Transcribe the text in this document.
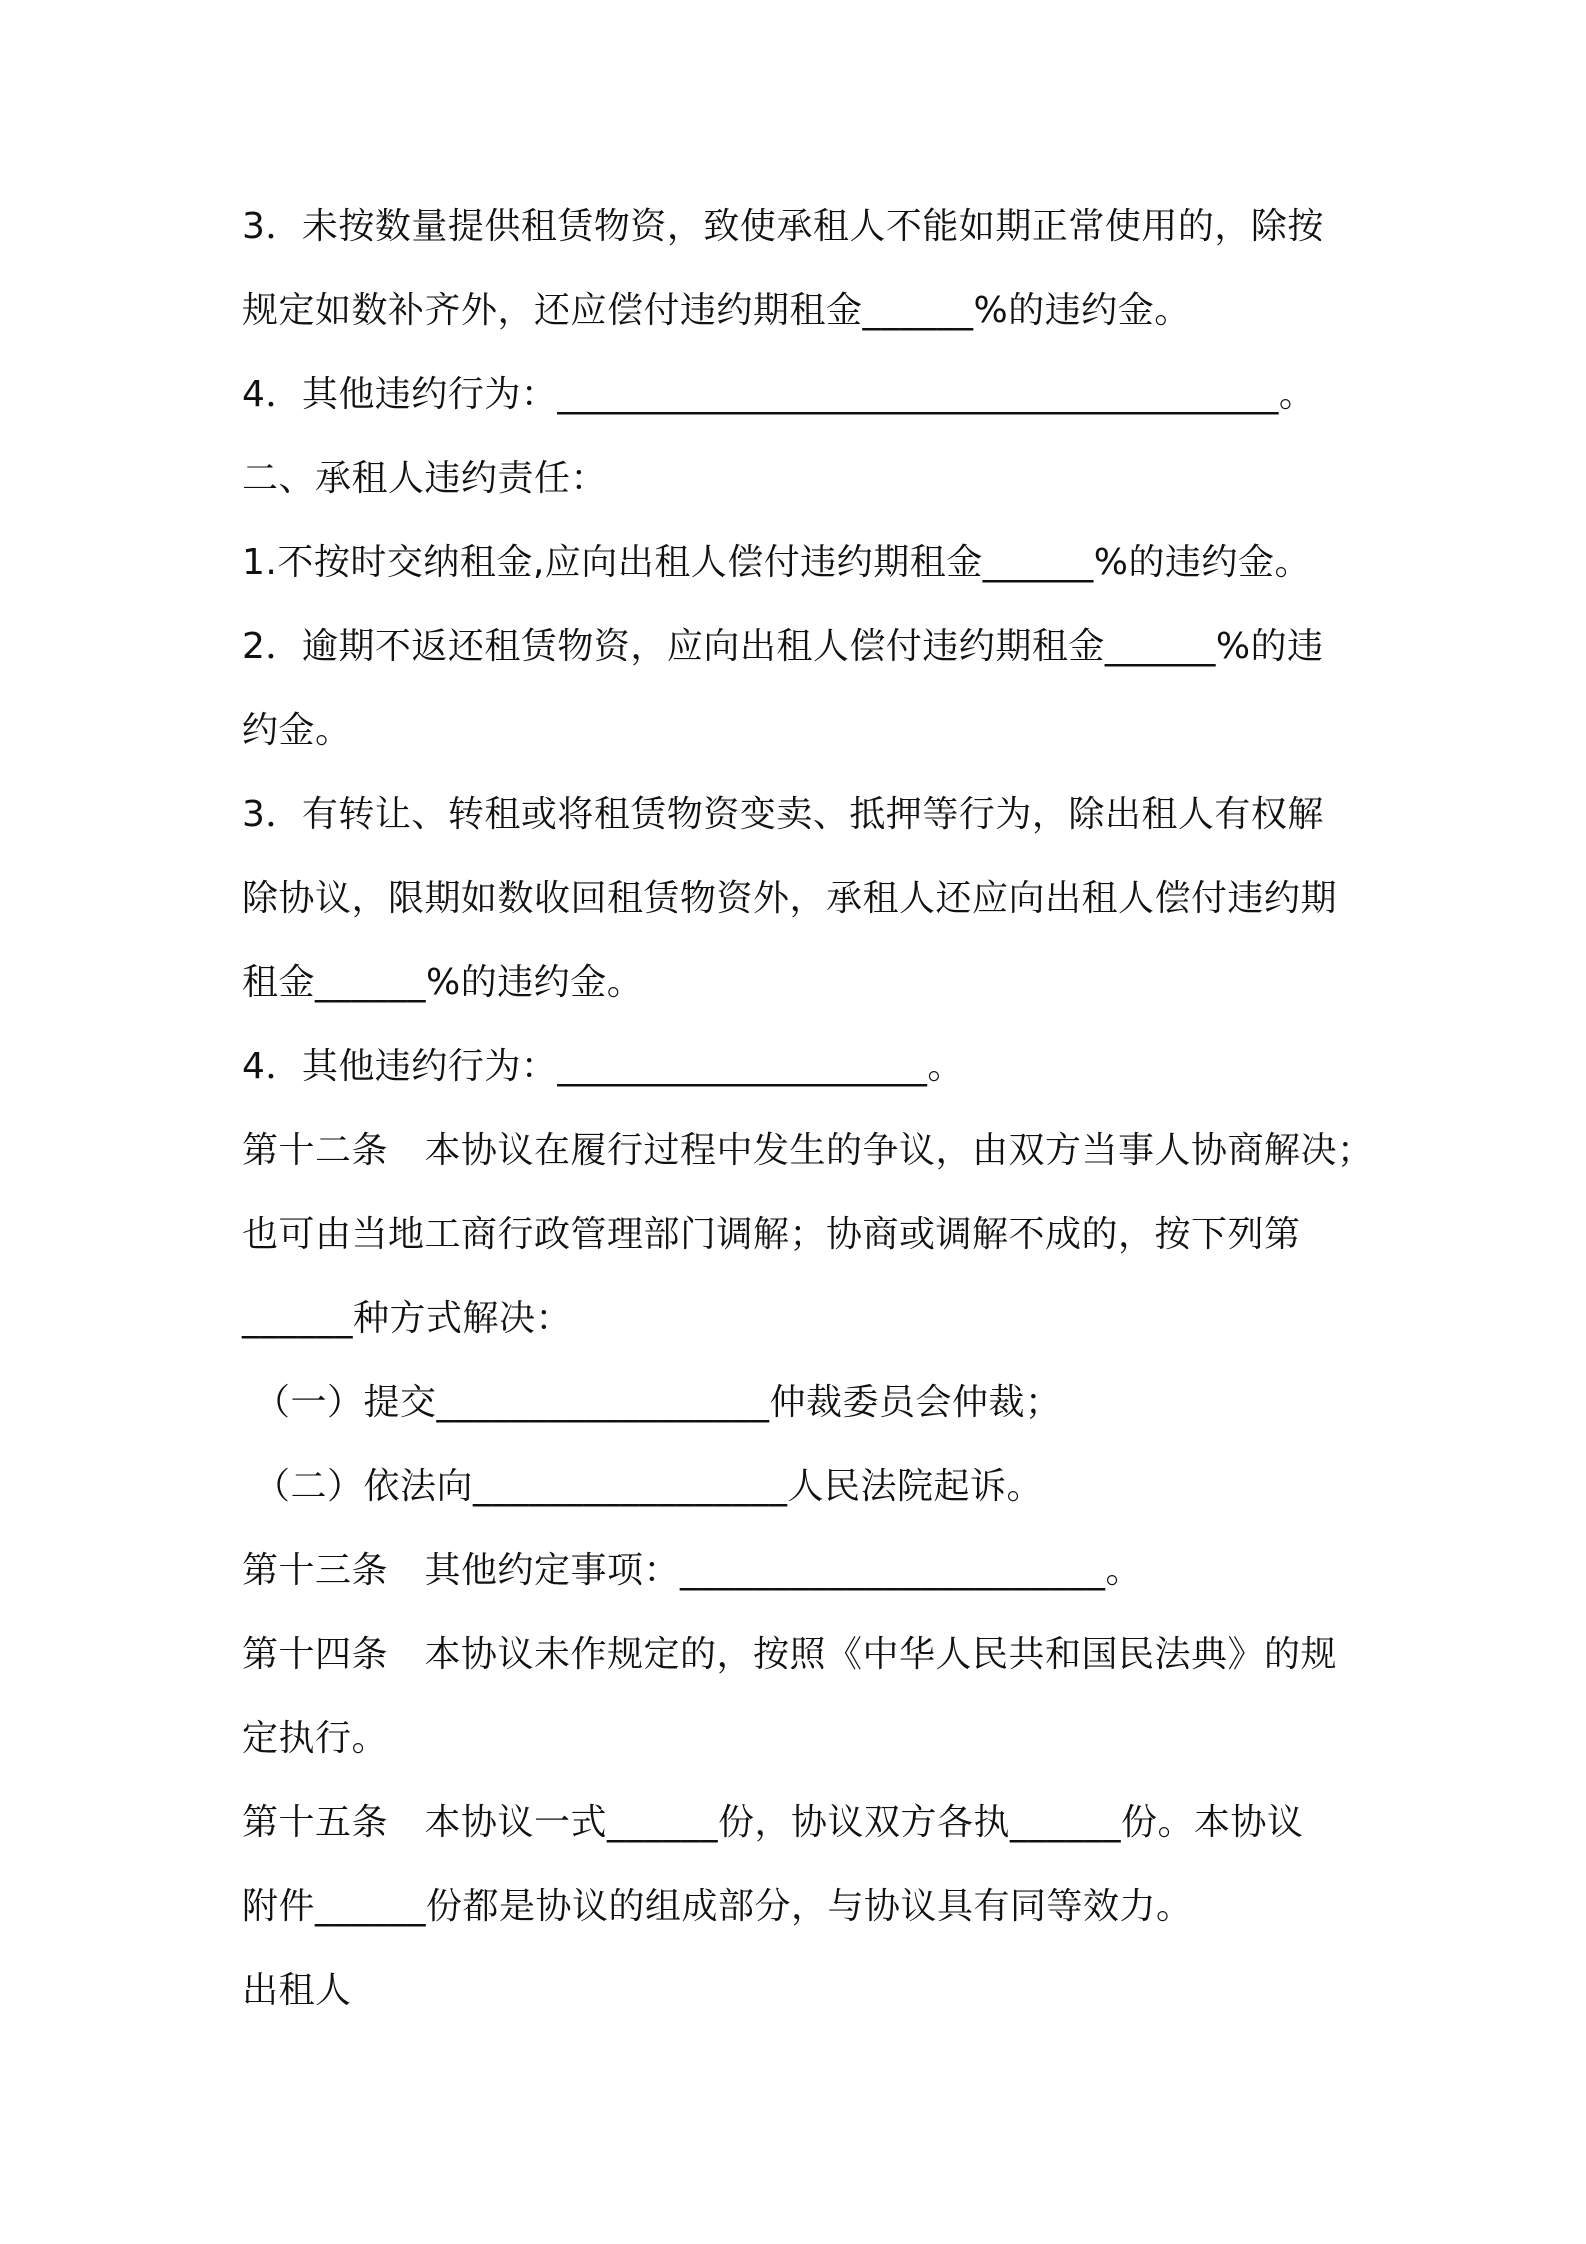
3．未按数量提供租赁物资，致使承租人不能如期正常使用的，除按
规定如数补齐外，还应偿付违约期租金______%的违约金。
4．其他违约行为：_______________________________________。
二、承租人违约责任：
1.不按时交纳租金,应向出租人偿付违约期租金______%的违约金。
2．逾期不返还租赁物资，应向出租人偿付违约期租金______%的违
约金。
3．有转让、转租或将租赁物资变卖、抵押等行为，除出租人有权解
除协议，限期如数收回租赁物资外，承租人还应向出租人偿付违约期
租金______%的违约金。
4．其他违约行为：____________________。
第十二条　本协议在履行过程中发生的争议，由双方当事人协商解决；
也可由当地工商行政管理部门调解；协商或调解不成的，按下列第
______种方式解决：
（一）提交__________________仲裁委员会仲裁；
（二）依法向_________________人民法院起诉。
第十三条　其他约定事项：_______________________。
第十四条　本协议未作规定的，按照《中华人民共和国民法典》的规
定执行。
第十五条　本协议一式______份，协议双方各执______份。本协议
附件______份都是协议的组成部分，与协议具有同等效力。
出租人
